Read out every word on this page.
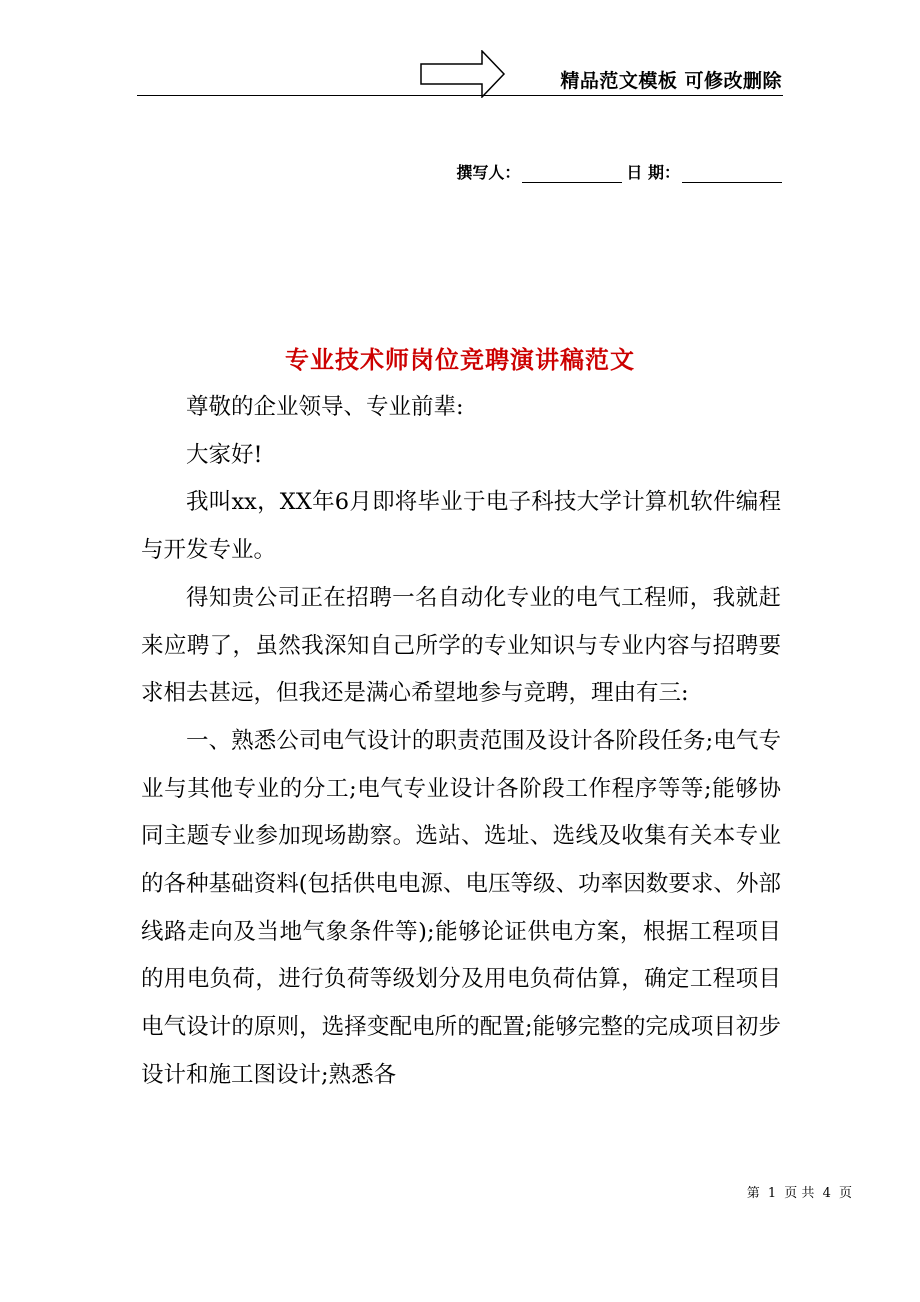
精品范文模板 可修改删除
撰写人：	日 期：
专业技术师岗位竞聘演讲稿范文

尊敬的企业领导、专业前辈:

大家好!

我叫xx，XX年6月即将毕业于电子科技大学计算机软件编程与开发专业。

得知贵公司正在招聘一名自动化专业的电气工程师，我就赶来应聘了，虽然我深知自己所学的专业知识与专业内容与招聘要求相去甚远，但我还是满心希望地参与竞聘，理由有三:

一、熟悉公司电气设计的职责范围及设计各阶段任务;电气专业与其他专业的分工;电气专业设计各阶段工作程序等等;能够协同主题专业参加现场勘察。选站、选址、选线及收集有关本专业的各种基础资料(包括供电电源、电压等级、功率因数要求、外部线路走向及当地气象条件等);能够论证供电方案，根据工程项目的用电负荷，进行负荷等级划分及用电负荷估算，确定工程项目电气设计的原则，选择变配电所的配置;能够完整的完成项目初步设计和施工图设计;熟悉各

第 1 页 共 4 页
